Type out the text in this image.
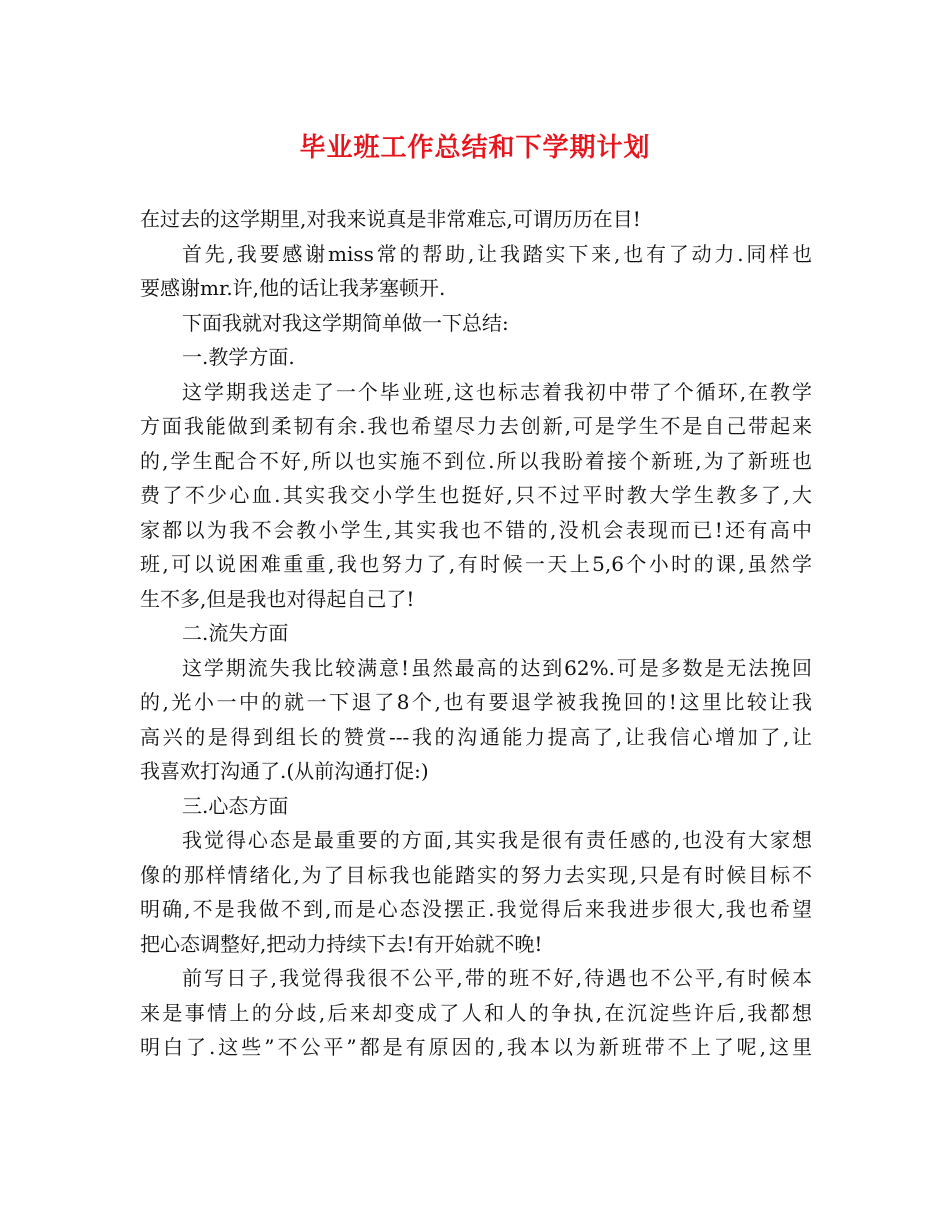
毕业班工作总结和下学期计划
在过去的这学期里,对我来说真是非常难忘,可谓历历在目!
首先,我要感谢miss常的帮助,让我踏实下来,也有了动力.同样也
要感谢mr.许,他的话让我茅塞顿开.
下面我就对我这学期简单做一下总结:
一.教学方面.
这学期我送走了一个毕业班,这也标志着我初中带了个循环,在教学
方面我能做到柔韧有余.我也希望尽力去创新,可是学生不是自己带起来
的,学生配合不好,所以也实施不到位.所以我盼着接个新班,为了新班也
费了不少心血.其实我交小学生也挺好,只不过平时教大学生教多了,大
家都以为我不会教小学生,其实我也不错的,没机会表现而已!还有高中
班,可以说困难重重,我也努力了,有时候一天上5,6个小时的课,虽然学
生不多,但是我也对得起自己了!
二.流失方面
这学期流失我比较满意!虽然最高的达到62%.可是多数是无法挽回
的,光小一中的就一下退了8个,也有要退学被我挽回的!这里比较让我
高兴的是得到组长的赞赏---我的沟通能力提高了,让我信心增加了,让
我喜欢打沟通了.(从前沟通打促:)
三.心态方面
我觉得心态是最重要的方面,其实我是很有责任感的,也没有大家想
像的那样情绪化,为了目标我也能踏实的努力去实现,只是有时候目标不
明确,不是我做不到,而是心态没摆正.我觉得后来我进步很大,我也希望
把心态调整好,把动力持续下去!有开始就不晚!
前写日子,我觉得我很不公平,带的班不好,待遇也不公平,有时候本
来是事情上的分歧,后来却变成了人和人的争执,在沉淀些许后,我都想
明白了.这些”不公平”都是有原因的,我本以为新班带不上了呢,这里
